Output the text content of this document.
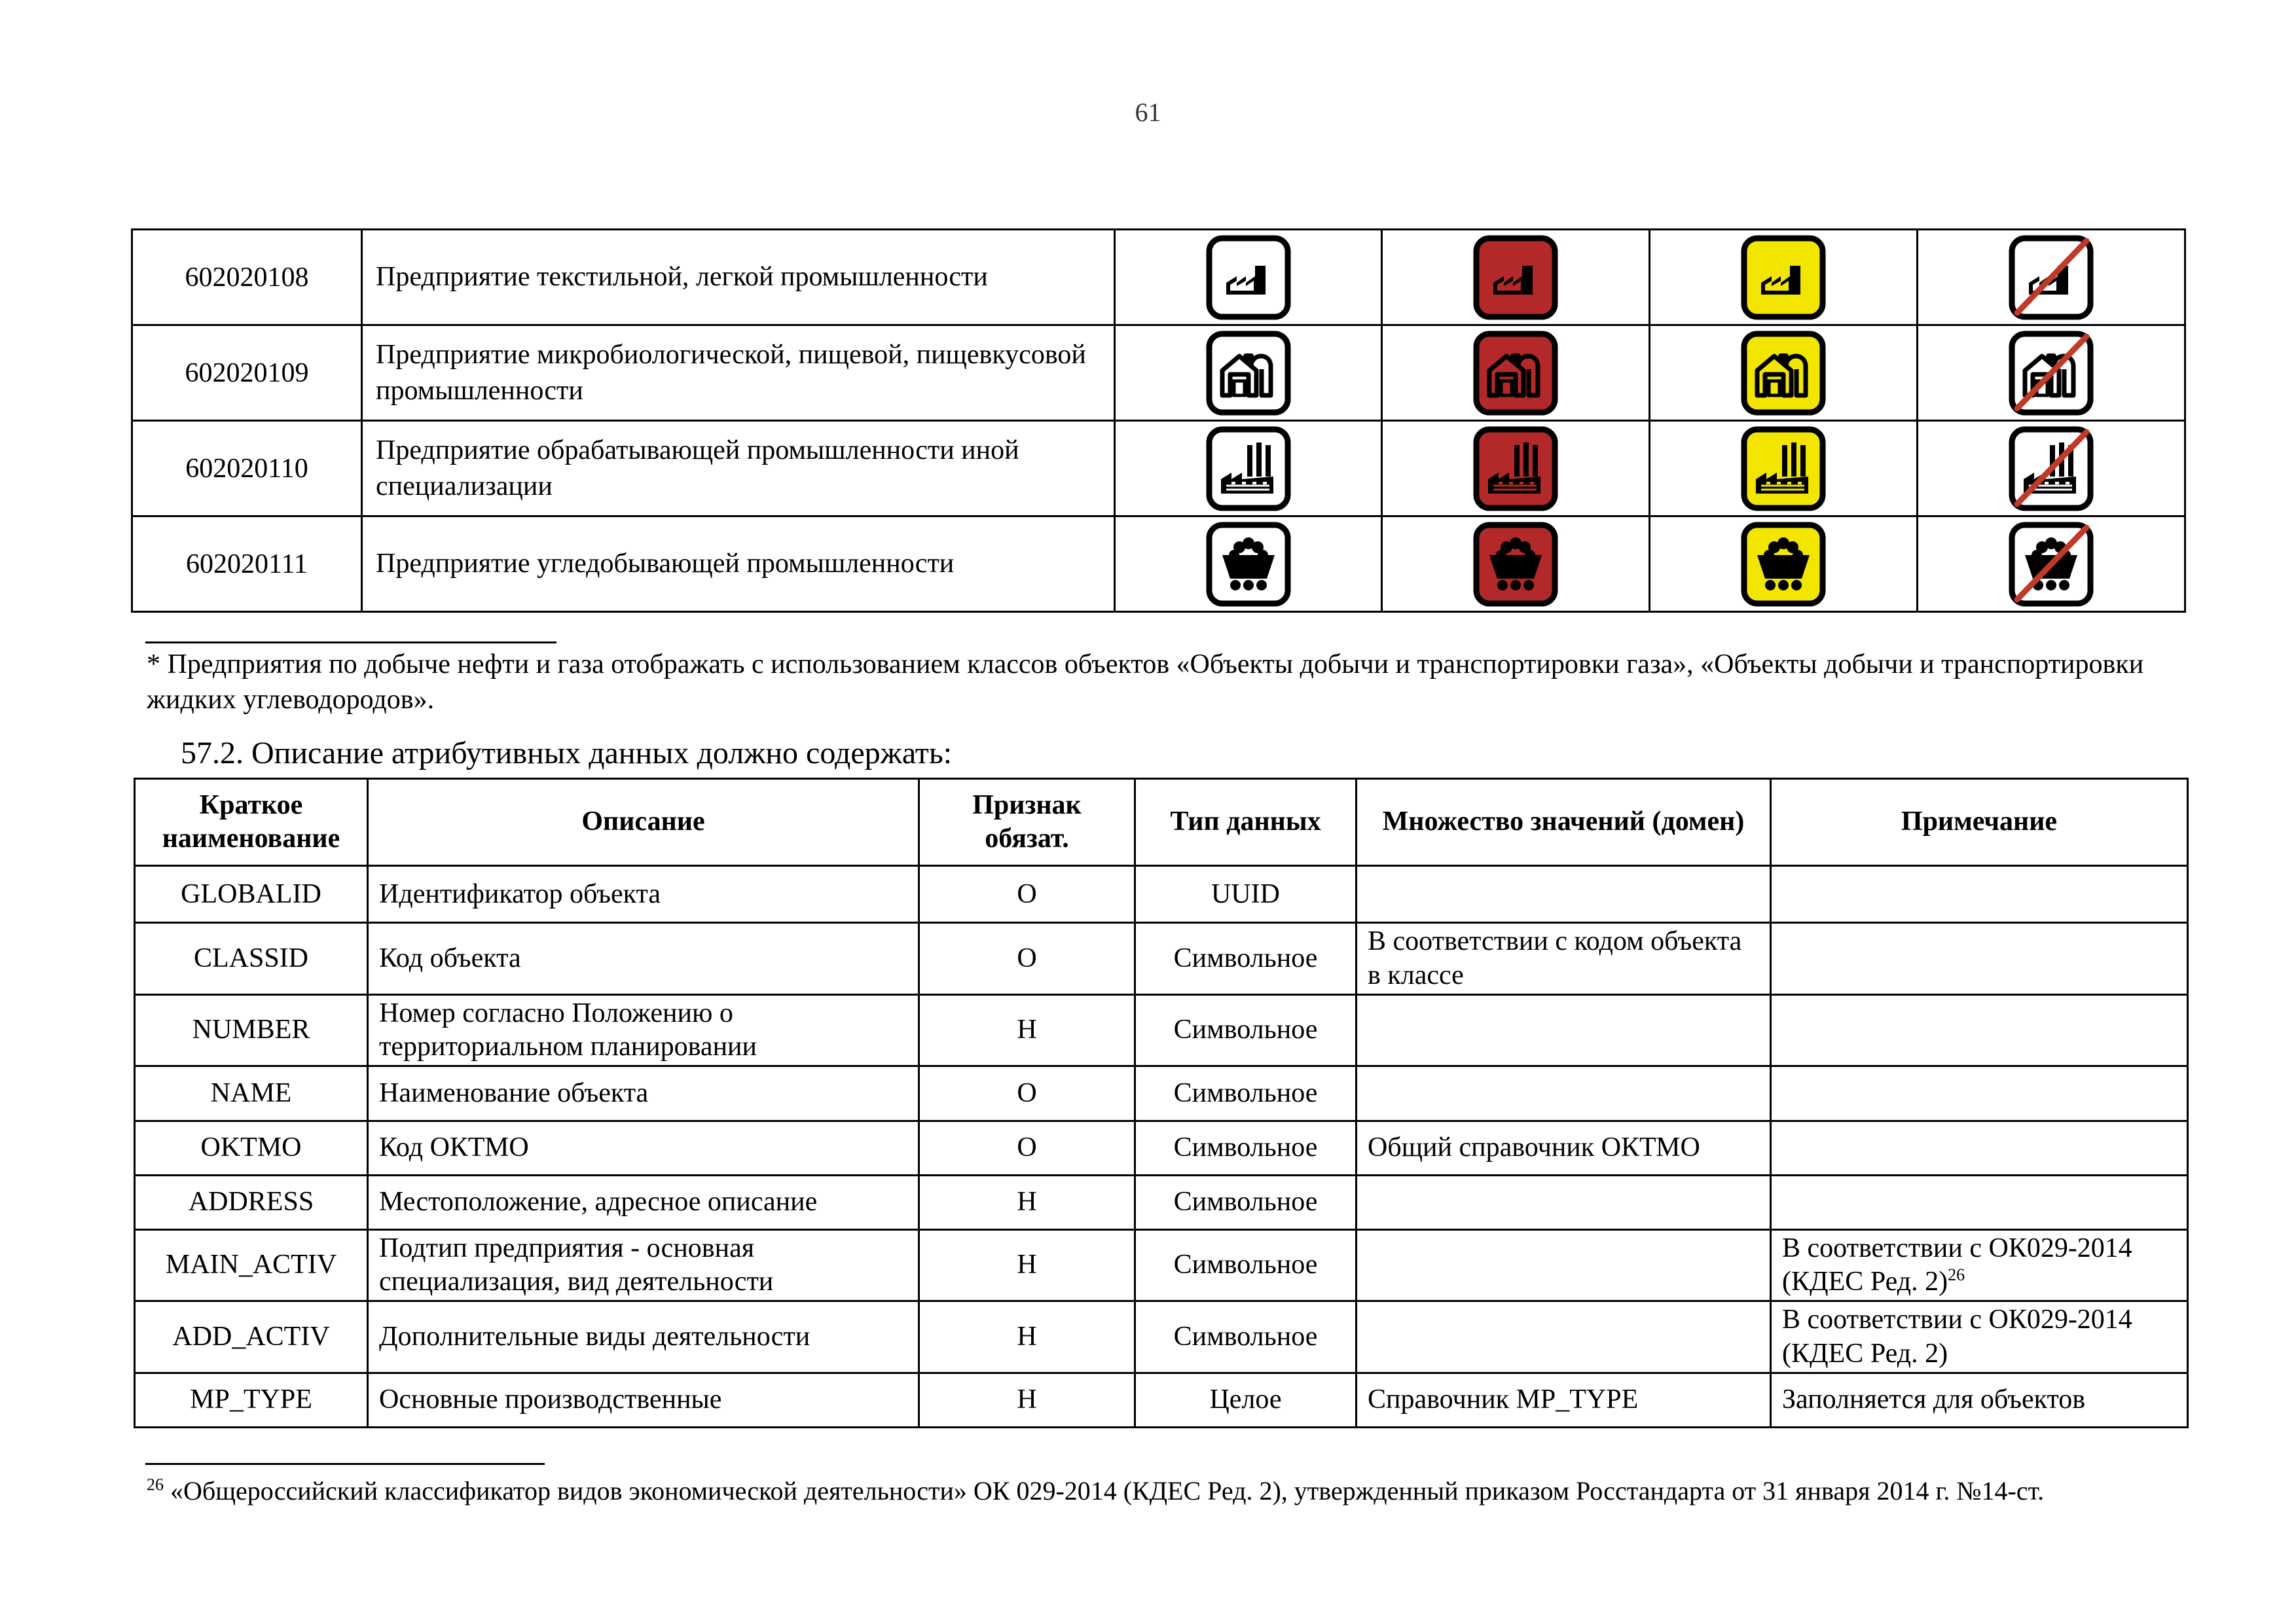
61
602020108	Предприятие текстильной, легкой промышленности	

602020109	Предприятие микробиологической, пищевой, пищевкусовой промышленности	

602020110	Предприятие обрабатывающей промышленности иной специализации	

602020111	Предприятие угледобывающей промышленности	

* Предприятия по добыче нефти и газа отображать с использованием классов объектов «Объекты добычи и транспортировки газа», «Объекты добычи и транспортировки жидких углеводородов».
57.2. Описание атрибутивных данных должно содержать:
Краткое наименование	Описание	Признак обязат.	Тип данных	Множество значений (домен)	Примечание
GLOBALID	Идентификатор объекта	О	UUID		
CLASSID	Код объекта	О	Символьное	В соответствии с кодом объекта в классе	
NUMBER	Номер согласно Положению о территориальном планировании	Н	Символьное		
NAME	Наименование объекта	О	Символьное		
OKTMO	Код ОКТМО	О	Символьное	Общий справочник ОКТМО	
ADDRESS	Местоположение, адресное описание	Н	Символьное		
MAIN_ACTIV	Подтип предприятия - основная специализация, вид деятельности	Н	Символьное		В соответствии с ОК029-2014 (КДЕС Ред. 2)$^{26}$
ADD_ACTIV	Дополнительные виды деятельности	Н	Символьное		В соответствии с ОК029-2014 (КДЕС Ред. 2)
MP_TYPE	Основные производственные	Н	Целое	Справочник MP_TYPE	Заполняется для объектов
$^{26}$ «Общероссийский классификатор видов экономической деятельности» ОК 029-2014 (КДЕС Ред. 2), утвержденный приказом Росстандарта от 31 января 2014 г. №14-ст.
